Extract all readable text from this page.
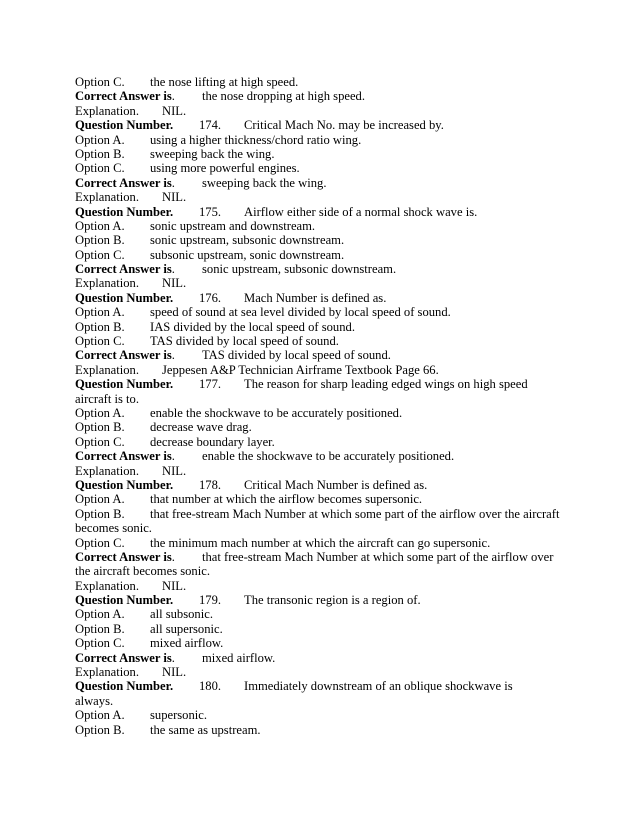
Option C. the nose lifting at high speed.
Correct Answer is. the nose dropping at high speed.
Explanation. NIL.
Question Number. 174. Critical Mach No. may be increased by.
Option A. using a higher thickness/chord ratio wing.
Option B. sweeping back the wing.
Option C. using more powerful engines.
Correct Answer is. sweeping back the wing.
Explanation. NIL.
Question Number. 175. Airflow either side of a normal shock wave is.
Option A. sonic upstream and downstream.
Option B. sonic upstream, subsonic downstream.
Option C. subsonic upstream, sonic downstream.
Correct Answer is. sonic upstream, subsonic downstream.
Explanation. NIL.
Question Number. 176. Mach Number is defined as.
Option A. speed of sound at sea level divided by local speed of sound.
Option B. IAS divided by the local speed of sound.
Option C. TAS divided by local speed of sound.
Correct Answer is. TAS divided by local speed of sound.
Explanation. Jeppesen A&P Technician Airframe Textbook Page 66.
Question Number. 177. The reason for sharp leading edged wings on high speed
aircraft is to.
Option A. enable the shockwave to be accurately positioned.
Option B. decrease wave drag.
Option C. decrease boundary layer.
Correct Answer is. enable the shockwave to be accurately positioned.
Explanation. NIL.
Question Number. 178. Critical Mach Number is defined as.
Option A. that number at which the airflow becomes supersonic.
Option B. that free-stream Mach Number at which some part of the airflow over the aircraft
becomes sonic.
Option C. the minimum mach number at which the aircraft can go supersonic.
Correct Answer is. that free-stream Mach Number at which some part of the airflow over
the aircraft becomes sonic.
Explanation. NIL.
Question Number. 179. The transonic region is a region of.
Option A. all subsonic.
Option B. all supersonic.
Option C. mixed airflow.
Correct Answer is. mixed airflow.
Explanation. NIL.
Question Number. 180. Immediately downstream of an oblique shockwave is
always.
Option A. supersonic.
Option B. the same as upstream.
